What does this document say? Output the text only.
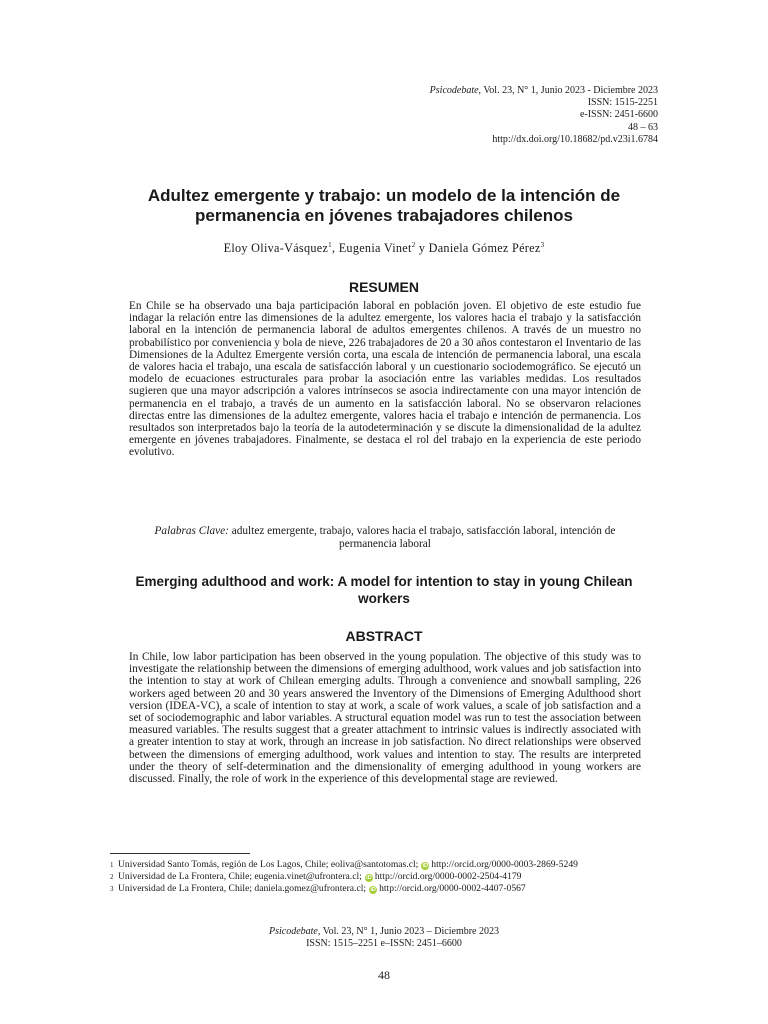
Psicodebate, Vol. 23, N° 1, Junio 2023 - Diciembre 2023
ISSN: 1515-2251
e-ISSN: 2451-6600
48 – 63
http://dx.doi.org/10.18682/pd.v23i1.6784
Adultez emergente y trabajo: un modelo de la intención de permanencia en jóvenes trabajadores chilenos
Eloy Oliva-Vásquez$^1$, Eugenia Vinet$^2$ y Daniela Gómez Pérez$^3$
RESUMEN

En Chile se ha observado una baja participación laboral en población joven. El objetivo de este estudio fue indagar la relación entre las dimensiones de la adultez emergente, los valores hacia el trabajo y la satisfacción laboral en la intención de permanencia laboral de adultos emergentes chilenos. A través de un muestro no probabilístico por conveniencia y bola de nieve, 226 trabajadores de 20 a 30 años contestaron el Inventario de las Dimensiones de la Adultez Emergente versión corta, una escala de intención de permanencia laboral, una escala de valores hacia el trabajo, una escala de satisfacción laboral y un cuestionario sociodemográfico. Se ejecutó un modelo de ecuaciones estructurales para probar la asociación entre las variables medidas. Los resultados sugieren que una mayor adscripción a valores intrínsecos se asocia indirectamente con una mayor intención de permanencia en el trabajo, a través de un aumento en la satisfacción laboral. No se observaron relaciones directas entre las dimensiones de la adultez emergente, valores hacia el trabajo e intención de permanencia. Los resultados son interpretados bajo la teoría de la autodeterminación y se discute la dimensionalidad de la adultez emergente en jóvenes trabajadores. Finalmente, se destaca el rol del trabajo en la experiencia de este periodo evolutivo.

Palabras Clave: adultez emergente, trabajo, valores hacia el trabajo, satisfacción laboral, intención de permanencia laboral
Emerging adulthood and work: A model for intention to stay in young Chilean workers
ABSTRACT

In Chile, low labor participation has been observed in the young population. The objective of this study was to investigate the relationship between the dimensions of emerging adulthood, work values and job satisfaction into the intention to stay at work of Chilean emerging adults. Through a convenience and snowball sampling, 226 workers aged between 20 and 30 years answered the Inventory of the Dimensions of Emerging Adulthood short version (IDEA-VC), a scale of intention to stay at work, a scale of work values, a scale of job satisfaction and a set of sociodemographic and labor variables. A structural equation model was run to test the association between measured variables. The results suggest that a greater attachment to intrinsic values is indirectly associated with a greater intention to stay at work, through an increase in job satisfaction. No direct relationships were observed between the dimensions of emerging adulthood, work values and intention to stay. The results are interpreted under the theory of self-determination and the dimensionality of emerging adulthood in young workers are discussed. Finally, the role of work in the experience of this developmental stage are reviewed.

1 Universidad Santo Tomás, región de Los Lagos, Chile; eoliva@santotomas.cl; iD http://orcid.org/0000-0003-2869-5249
2 Universidad de La Frontera, Chile; eugenia.vinet@ufrontera.cl; iD http://orcid.org/0000-0002-2504-4179
3 Universidad de La Frontera, Chile; daniela.gomez@ufrontera.cl; iD http://orcid.org/0000-0002-4407-0567
Psicodebate, Vol. 23, N° 1, Junio 2023 – Diciembre 2023
ISSN: 1515–2251 e–ISSN: 2451–6600
48
